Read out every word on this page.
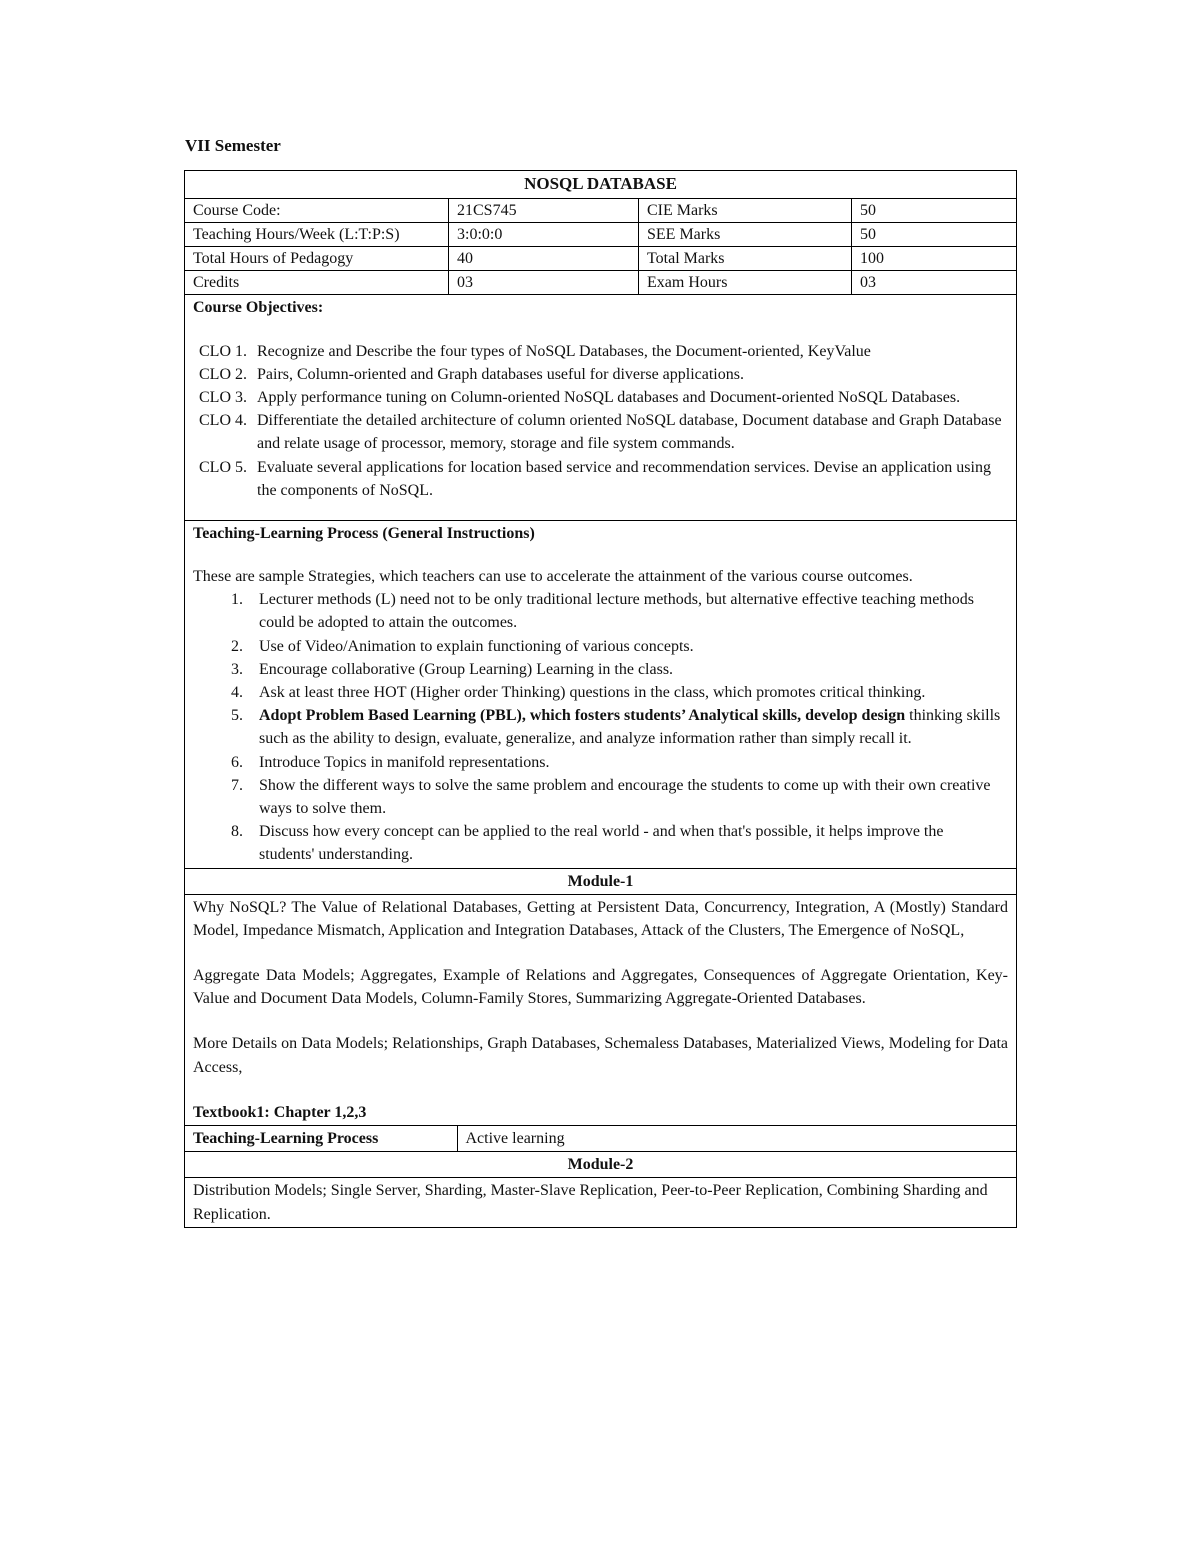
VII Semester
NOSQL DATABASE
Course Code:	21CS745	CIE Marks	50
Teaching Hours/Week (L:T:P:S)	3:0:0:0	SEE Marks	50
Total Hours of Pedagogy	40	Total Marks	100
Credits	03	Exam Hours	03

Course Objectives:
CLO 1. Recognize and Describe the four types of NoSQL Databases, the Document-oriented, KeyValue
CLO 2. Pairs, Column-oriented and Graph databases useful for diverse applications.
CLO 3. Apply performance tuning on Column-oriented NoSQL databases and Document-oriented NoSQL Databases.
CLO 4. Differentiate the detailed architecture of column oriented NoSQL database, Document database and Graph Database and relate usage of processor, memory, storage and file system commands.
CLO 5. Evaluate several applications for location based service and recommendation services. Devise an application using the components of NoSQL.

Teaching-Learning Process (General Instructions)

These are sample Strategies, which teachers can use to accelerate the attainment of the various course outcomes.

1.	Lecturer methods (L) need not to be only traditional lecture methods, but alternative effective teaching methods could be adopted to attain the outcomes.
2.	Use of Video/Animation to explain functioning of various concepts.
3.	Encourage collaborative (Group Learning) Learning in the class.
4.	Ask at least three HOT (Higher order Thinking) questions in the class, which promotes critical thinking.
5.	Adopt Problem Based Learning (PBL), which fosters students’ Analytical skills, develop design thinking skills such as the ability to design, evaluate, generalize, and analyze information rather than simply recall it.
6.	Introduce Topics in manifold representations.
7.	Show the different ways to solve the same problem and encourage the students to come up with their own creative ways to solve them.
8.	Discuss how every concept can be applied to the real world - and when that's possible, it helps improve the students' understanding.

Module-1

Why NoSQL? The Value of Relational Databases, Getting at Persistent Data, Concurrency, Integration, A (Mostly) Standard Model, Impedance Mismatch, Application and Integration Databases, Attack of the Clusters, The Emergence of NoSQL,

Aggregate Data Models; Aggregates, Example of Relations and Aggregates, Consequences of Aggregate Orientation, Key-Value and Document Data Models, Column-Family Stores, Summarizing Aggregate-Oriented Databases.

More Details on Data Models; Relationships, Graph Databases, Schemaless Databases, Materialized Views, Modeling for Data Access,

Textbook1: Chapter 1,2,3

Teaching-Learning Process	Active learning

Module-2
Distribution Models; Single Server, Sharding, Master-Slave Replication, Peer-to-Peer Replication, Combining Sharding and Replication.
